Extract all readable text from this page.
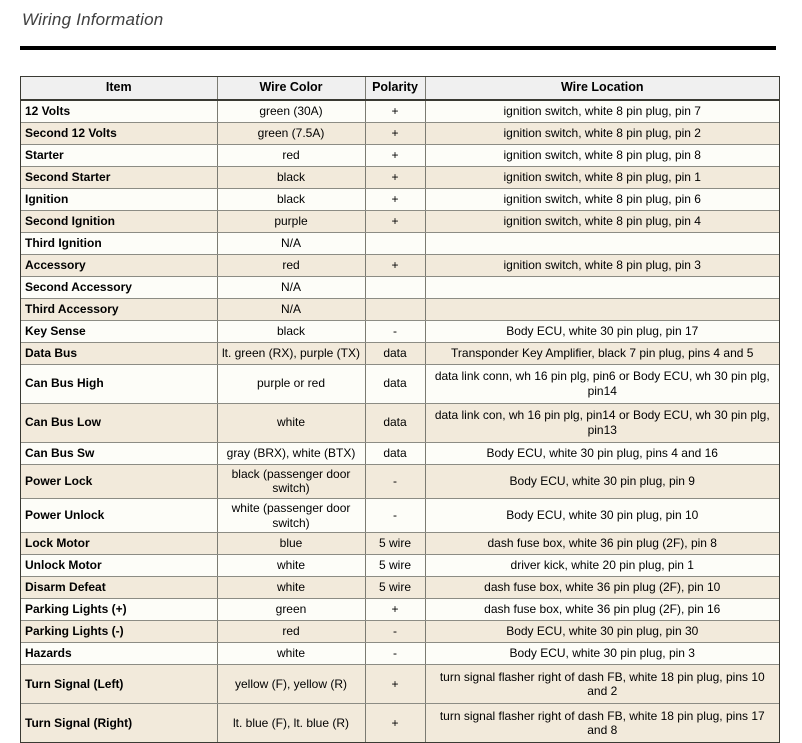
Wiring Information
Item	Wire Color	Polarity	Wire Location
12 Volts	green (30A)	+	ignition switch, white 8 pin plug, pin 7
Second 12 Volts	green (7.5A)	+	ignition switch, white 8 pin plug, pin 2
Starter	red	+	ignition switch, white 8 pin plug, pin 8
Second Starter	black	+	ignition switch, white 8 pin plug, pin 1
Ignition	black	+	ignition switch, white 8 pin plug, pin 6
Second Ignition	purple	+	ignition switch, white 8 pin plug, pin 4
Third Ignition	N/A		
Accessory	red	+	ignition switch, white 8 pin plug, pin 3
Second Accessory	N/A		
Third Accessory	N/A		
Key Sense	black	-	Body ECU, white 30 pin plug, pin 17
Data Bus	lt. green (RX), purple (TX)	data	Transponder Key Amplifier, black 7 pin plug, pins 4 and 5
Can Bus High	purple or red	data	data link conn, wh 16 pin plg, pin6 or Body ECU, wh 30 pin plg, pin14
Can Bus Low	white	data	data link con, wh 16 pin plg, pin14 or Body ECU, wh 30 pin plg, pin13
Can Bus Sw	gray (BRX), white (BTX)	data	Body ECU, white 30 pin plug, pins 4 and 16
Power Lock	black (passenger door switch)	-	Body ECU, white 30 pin plug, pin 9
Power Unlock	white (passenger door switch)	-	Body ECU, white 30 pin plug, pin 10
Lock Motor	blue	5 wire	dash fuse box, white 36 pin plug (2F), pin 8
Unlock Motor	white	5 wire	driver kick, white 20 pin plug, pin 1
Disarm Defeat	white	5 wire	dash fuse box, white 36 pin plug (2F), pin 10
Parking Lights (+)	green	+	dash fuse box, white 36 pin plug (2F), pin 16
Parking Lights (-)	red	-	Body ECU, white 30 pin plug, pin 30
Hazards	white	-	Body ECU, white 30 pin plug, pin 3
Turn Signal (Left)	yellow (F), yellow (R)	+	turn signal flasher right of dash FB, white 18 pin plug, pins 10 and 2
Turn Signal (Right)	lt. blue (F), lt. blue (R)	+	turn signal flasher right of dash FB, white 18 pin plug, pins 17 and 8
